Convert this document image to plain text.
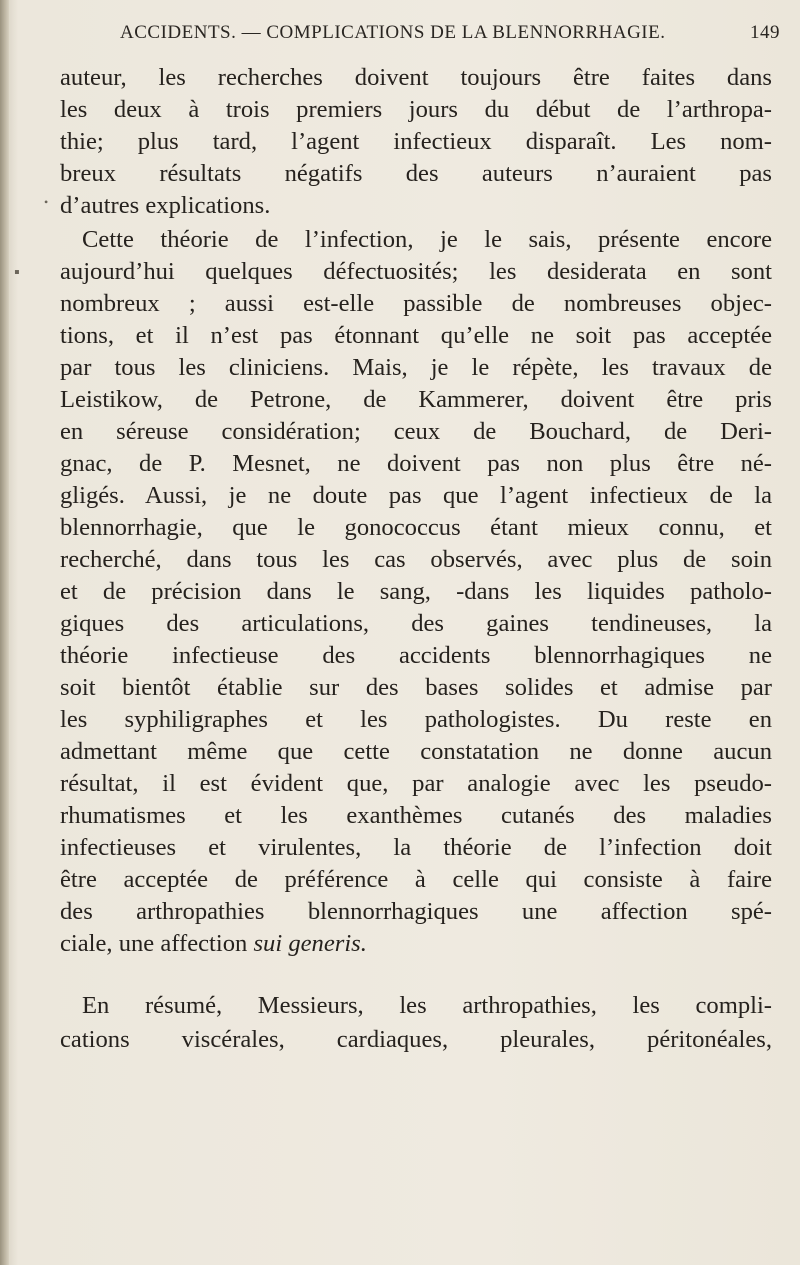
ACCIDENTS. — COMPLICATIONS DE LA BLENNORRHAGIE.	149
auteur, les recherches doivent toujours être faites dans
les deux à trois premiers jours du début de l’arthropa-
thie; plus tard, l’agent infectieux disparaît. Les nom-
breux résultats négatifs des auteurs n’auraient pas
d’autres explications.
Cette théorie de l’infection, je le sais, présente encore
aujourd’hui quelques défectuosités; les desiderata en sont
nombreux ; aussi est-elle passible de nombreuses objec-
tions, et il n’est pas étonnant qu’elle ne soit pas acceptée
par tous les cliniciens. Mais, je le répète, les travaux de
Leistikow, de Petrone, de Kammerer, doivent être pris
en séreuse considération; ceux de Bouchard, de Deri-
gnac, de P. Mesnet, ne doivent pas non plus être né-
gligés. Aussi, je ne doute pas que l’agent infectieux de la
blennorrhagie, que le gonococcus étant mieux connu, et
recherché, dans tous les cas observés, avec plus de soin
et de précision dans le sang, -dans les liquides patholo-
giques des articulations, des gaines tendineuses, la
théorie infectieuse des accidents blennorrhagiques ne
soit bientôt établie sur des bases solides et admise par
les syphiligraphes et les pathologistes. Du reste en
admettant même que cette constatation ne donne aucun
résultat, il est évident que, par analogie avec les pseudo-
rhumatismes et les exanthèmes cutanés des maladies
infectieuses et virulentes, la théorie de l’infection doit
être acceptée de préférence à celle qui consiste à faire
des arthropathies blennorrhagiques une affection spé-
ciale, une affection sui generis.
En résumé, Messieurs, les arthropathies, les compli-
cations viscérales, cardiaques, pleurales, péritonéales,
▪
•
